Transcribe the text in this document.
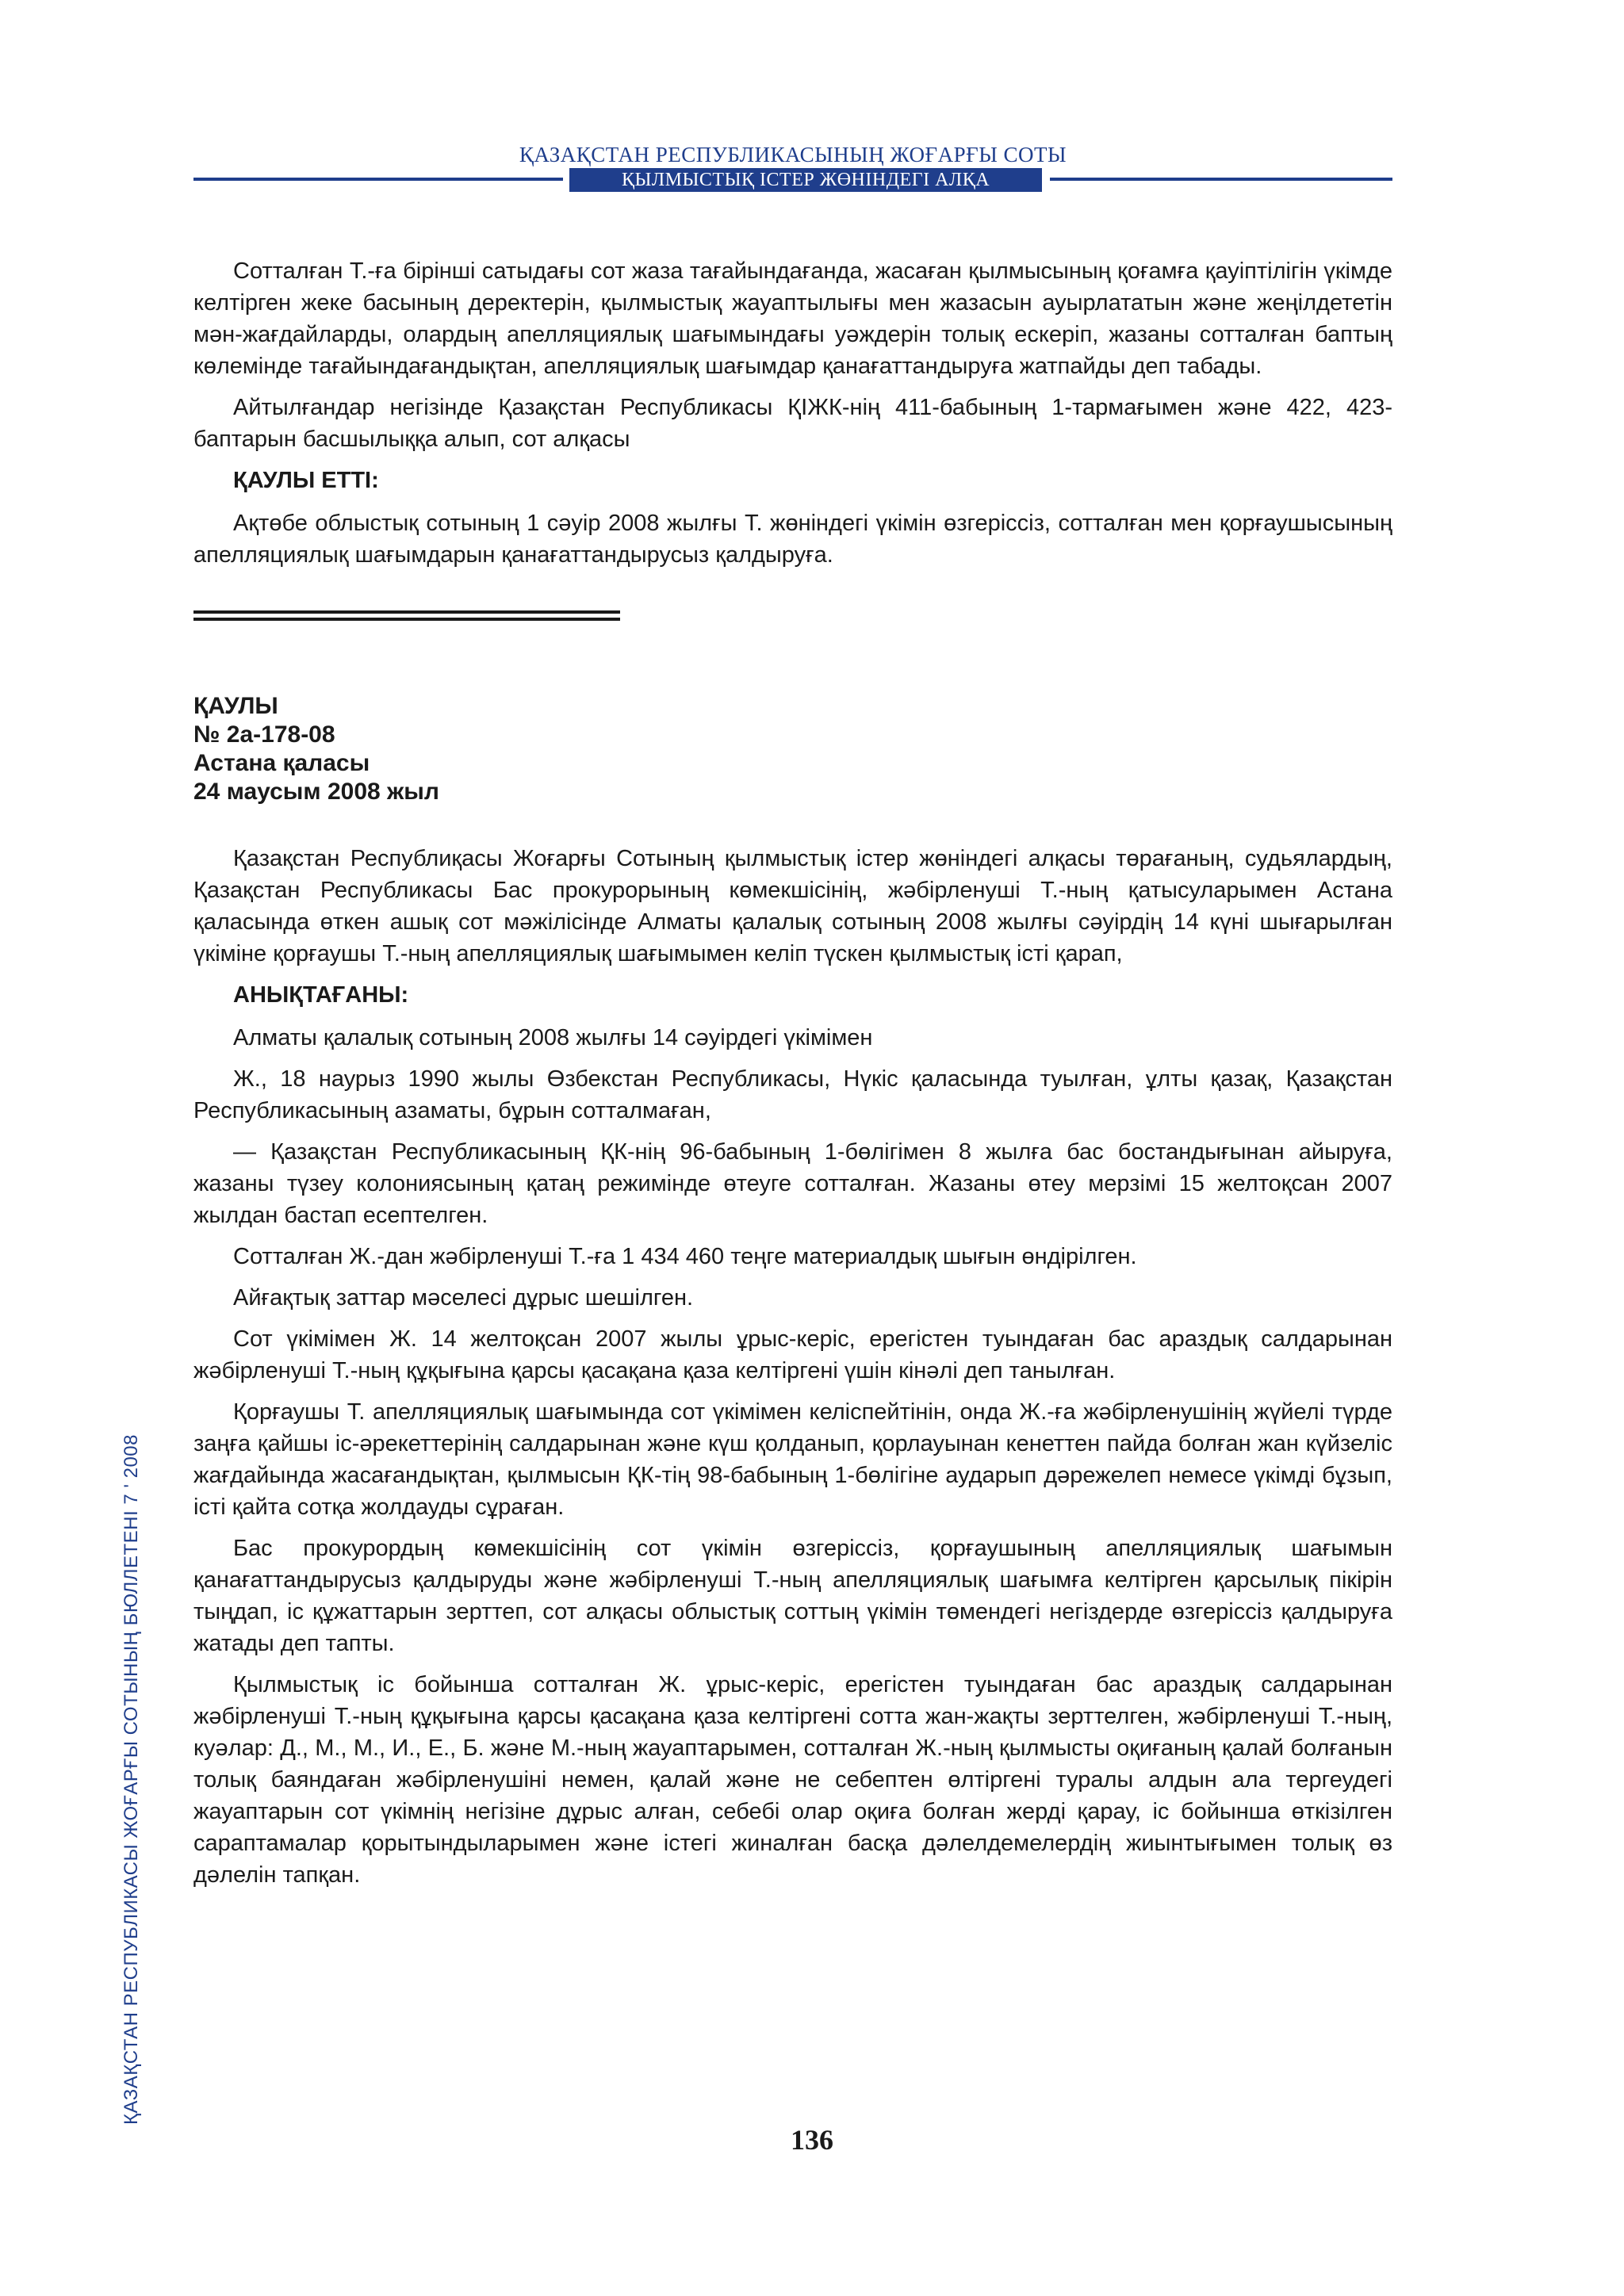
ҚАЗАҚСТАН РЕСПУБЛИКАСЫНЫҢ ЖОҒАРҒЫ СОТЫ
ҚЫЛМЫСТЫҚ ІСТЕР ЖӨНІНДЕГІ АЛҚА

Сотталған Т.-ға бірінші сатыдағы сот жаза тағайындағанда, жасаған қылмысының қоғамға қауіптілігін үкімде келтірген жеке басының деректерін, қылмыстық жауаптылығы мен жазасын ауырлататын және жеңілдететін мән-жағдайларды, олардың апелляциялық шағымындағы уәждерін толық ескеріп, жазаны сотталған баптың көлемінде тағайындағандықтан, апелляциялық шағымдар қанағаттандыруға жатпайды деп табады.

Айтылғандар негізінде Қазақстан Республикасы ҚІЖК-нің 411-бабының 1-тармағымен және 422, 423-баптарын басшылыққа алып, сот алқасы

ҚАУЛЫ ЕТТІ:

Ақтөбе облыстық сотының 1 сәуір 2008 жылғы Т. жөніндегі үкімін өзгеріссіз, сотталған мен қорғаушысының апелляциялық шағымдарын қанағаттандырусыз қалдыруға.

ҚАУЛЫ
№ 2а-178-08
Астана қаласы
24 маусым 2008 жыл

Қазақстан Республиқасы Жоғарғы Сотының қылмыстық істер жөніндегі алқасы төрағаның, судьялардың, Қазақстан Республикасы Бас прокурорының көмекшісінің, жәбірленуші Т.-ның қатысуларымен Астана қаласында өткен ашық сот мәжілісінде Алматы қалалық сотының 2008 жылғы сәуірдің 14 күні шығарылған үкіміне қорғаушы Т.-ның апелляциялық шағымымен келіп түскен қылмыстық істі қарап,

АНЫҚТАҒАНЫ:

Алматы қалалық сотының 2008 жылғы 14 сәуірдегі үкімімен

Ж., 18 наурыз 1990 жылы Өзбекстан Республикасы, Нүкіс қаласында туылған, ұлты қазақ, Қазақстан Республикасының азаматы, бұрын сотталмаған,

— Қазақстан Республикасының ҚК-нің 96-бабының 1-бөлігімен 8 жылға бас бостандығынан айыруға, жазаны түзеу колониясының қатаң режимінде өтеуге сотталған. Жазаны өтеу мерзімі 15 желтоқсан 2007 жылдан бастап есептелген.

Сотталған Ж.-дан жәбірленуші Т.-ға 1 434 460 теңге материалдық шығын өндірілген.

Айғақтық заттар мәселесі дұрыс шешілген.

Сот үкімімен Ж. 14 желтоқсан 2007 жылы ұрыс-керіс, ерегістен туындаған бас араздық салдарынан жәбірленуші Т.-ның құқығына қарсы қасақана қаза келтіргені үшін кінәлі деп танылған.

Қорғаушы Т. апелляциялық шағымында сот үкімімен келіспейтінін, онда Ж.-ға жәбірленушінің жүйелі түрде заңға қайшы іс-әрекеттерінің салдарынан және күш қолданып, қорлауынан кенеттен пайда болған жан күйзеліс жағдайында жасағандықтан, қылмысын ҚК-тің 98-бабының 1-бөлігіне аударып дәрежелеп немесе үкімді бұзып, істі қайта сотқа жолдауды сұраған.

Бас прокурордың көмекшісінің сот үкімін өзгеріссіз, қорғаушының апелляциялық шағымын қанағаттандырусыз қалдыруды және жәбірленуші Т.-ның апелляциялық шағымға келтірген қарсылық пікірін тыңдап, іс құжаттарын зерттеп, сот алқасы облыстық соттың үкімін төмендегі негіздерде өзгеріссіз қалдыруға жатады деп тапты.

Қылмыстық іс бойынша сотталған Ж. ұрыс-керіс, ерегістен туындаған бас араздық салдарынан жәбірленуші Т.-ның құқығына қарсы қасақана қаза келтіргені сотта жан-жақты зерттелген, жәбірленуші Т.-ның, куәлар: Д., М., М., И., Е., Б. және М.-ның жауаптарымен, сотталған Ж.-ның қылмысты оқиғаның қалай болғанын толық баяндаған жәбірленушіні немен, қалай және не себептен өлтіргені туралы алдын ала тергеудегі жауаптарын сот үкімнің негізіне дұрыс алған, себебі олар оқиға болған жерді қарау, іс бойынша өткізілген сараптамалар қорытындыларымен және істегі жиналған басқа дәлелдемелердің жиынтығымен толық өз дәлелін тапқан.

136
ҚАЗАҚСТАН РЕСПУБЛИКАСЫ ЖОҒАРҒЫ СОТЫНЫҢ БЮЛЛЕТЕНІ 7 ' 2008
